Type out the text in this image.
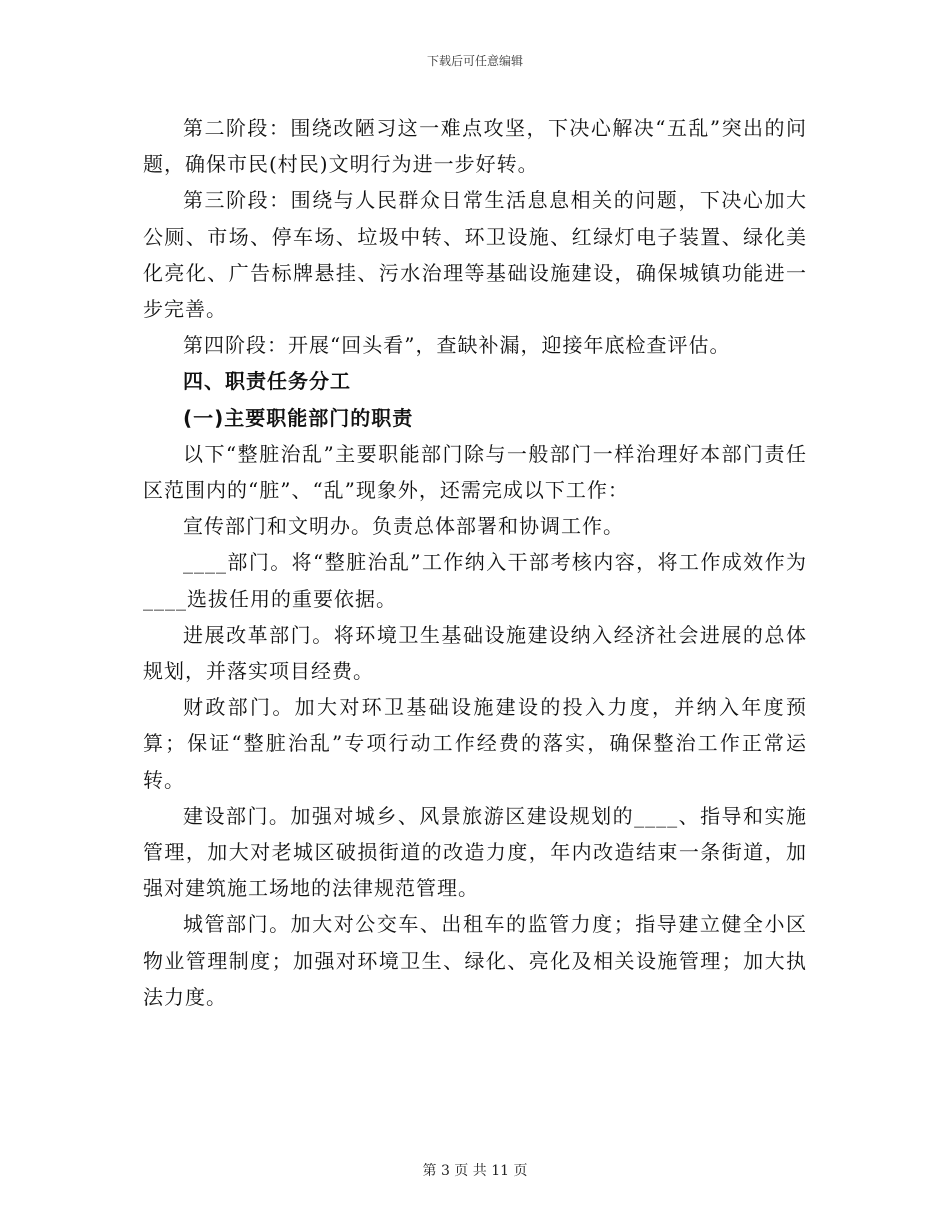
下载后可任意编辑

第二阶段：围绕改陋习这一难点攻坚，下决心解决“五乱”突出的问题，确保市民(村民)文明行为进一步好转。

第三阶段：围绕与人民群众日常生活息息相关的问题，下决心加大公厕、市场、停车场、垃圾中转、环卫设施、红绿灯电子装置、绿化美化亮化、广告标牌悬挂、污水治理等基础设施建设，确保城镇功能进一步完善。

第四阶段：开展“回头看”，查缺补漏，迎接年底检查评估。

四、职责任务分工

(一)主要职能部门的职责

以下“整脏治乱”主要职能部门除与一般部门一样治理好本部门责任区范围内的“脏”、“乱”现象外，还需完成以下工作：

宣传部门和文明办。负责总体部署和协调工作。

____部门。将“整脏治乱”工作纳入干部考核内容，将工作成效作为____选拔任用的重要依据。

进展改革部门。将环境卫生基础设施建设纳入经济社会进展的总体规划，并落实项目经费。

财政部门。加大对环卫基础设施建设的投入力度，并纳入年度预算；保证“整脏治乱”专项行动工作经费的落实，确保整治工作正常运转。

建设部门。加强对城乡、风景旅游区建设规划的____、指导和实施管理，加大对老城区破损街道的改造力度，年内改造结束一条街道，加强对建筑施工场地的法律规范管理。

城管部门。加大对公交车、出租车的监管力度；指导建立健全小区物业管理制度；加强对环境卫生、绿化、亮化及相关设施管理；加大执法力度。

第 3 页 共 11 页
